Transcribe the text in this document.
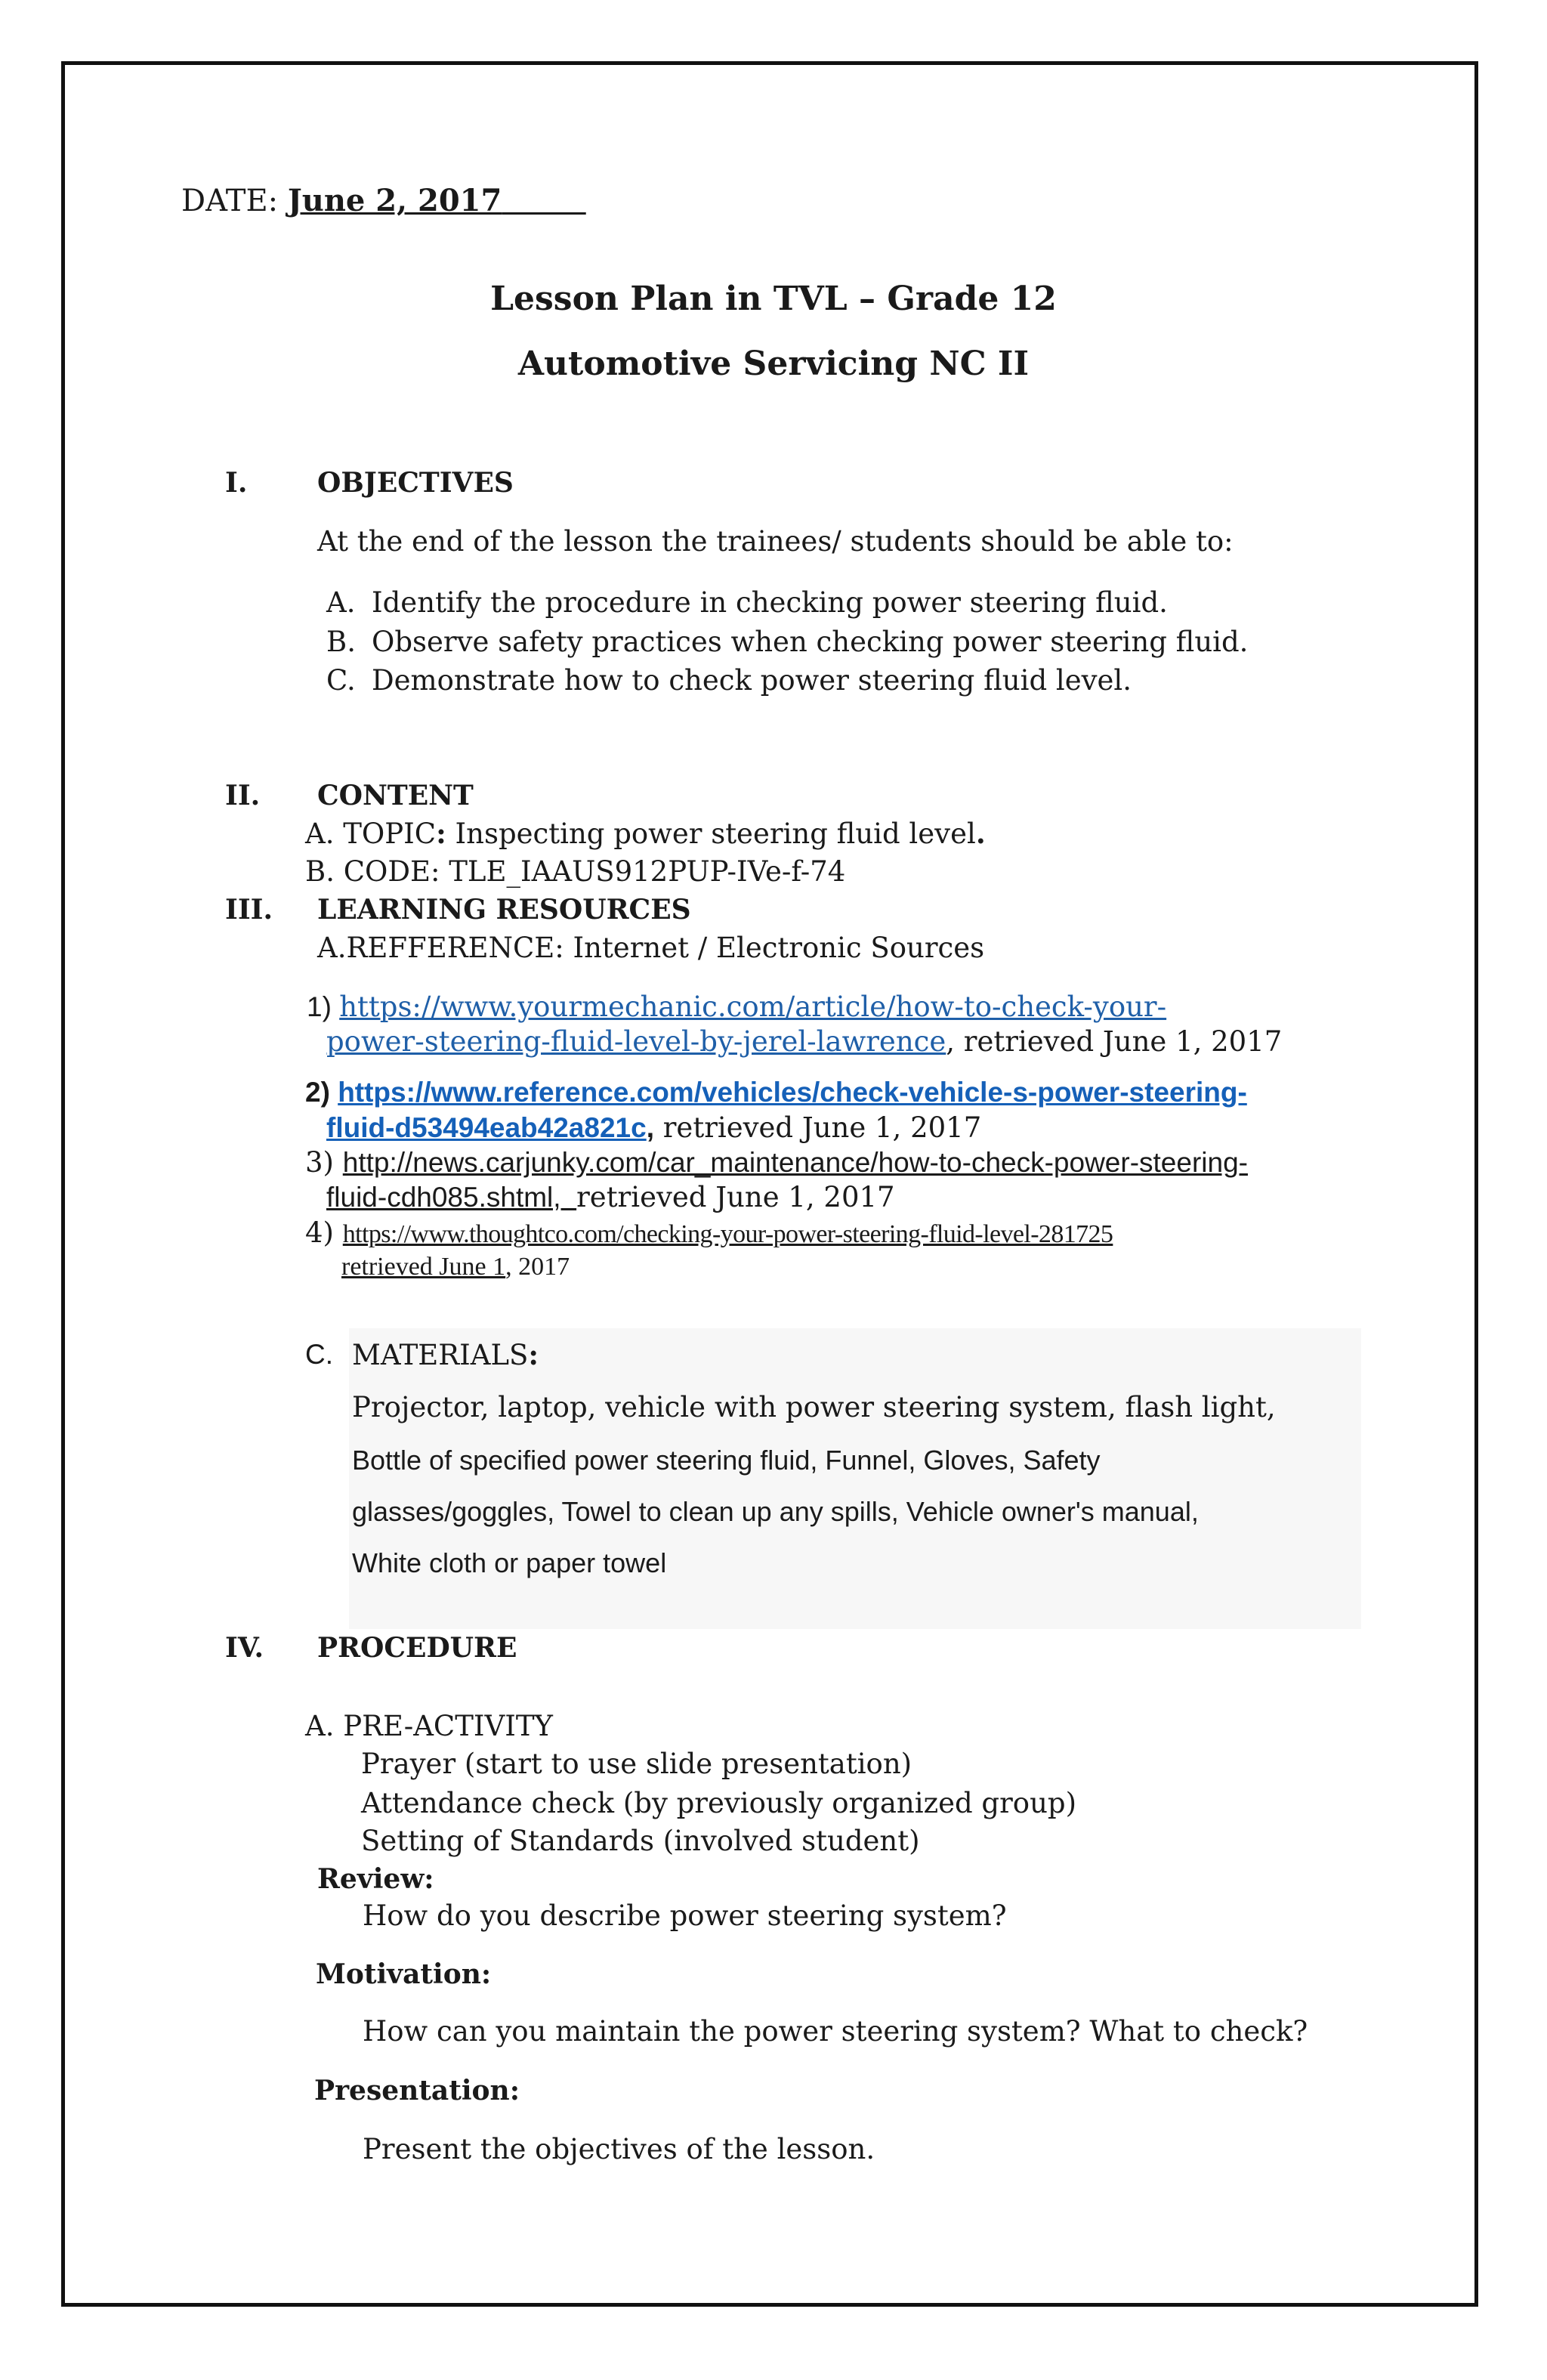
DATE: June 2, 2017
Lesson Plan in TVL – Grade 12
Automotive Servicing NC II
I.	OBJECTIVES
At the end of the lesson the trainees/ students should be able to:
A. Identify the procedure in checking power steering fluid.
B. Observe safety practices when checking power steering fluid.
C. Demonstrate how to check power steering fluid level.
II. CONTENT
A. TOPIC: Inspecting power steering fluid level.
B. CODE: TLE_IAAUS912PUP-IVe-f-74
III. LEARNING RESOURCES
A.REFFERENCE: Internet / Electronic Sources
1) https://www.yourmechanic.com/article/how-to-check-your-
power-steering-fluid-level-by-jerel-lawrence, retrieved June 1, 2017
2) https://www.reference.com/vehicles/check-vehicle-s-power-steering-
fluid-d53494eab42a821c, retrieved June 1, 2017
3) http://news.carjunky.com/car_maintenance/how-to-check-power-steering-
fluid-cdh085.shtml,  retrieved June 1, 2017
4) https://www.thoughtco.com/checking-your-power-steering-fluid-level-281725
retrieved June 1, 2017
C. MATERIALS:
Projector, laptop, vehicle with power steering system, flash light,
Bottle of specified power steering fluid, Funnel, Gloves, Safety
glasses/goggles, Towel to clean up any spills, Vehicle owner's manual,
White cloth or paper towel
IV. PROCEDURE
A. PRE-ACTIVITY
Prayer (start to use slide presentation)
Attendance check (by previously organized group)
Setting of Standards (involved student)
Review:
How do you describe power steering system?
Motivation:
How can you maintain the power steering system? What to check?
Presentation:
Present the objectives of the lesson.
